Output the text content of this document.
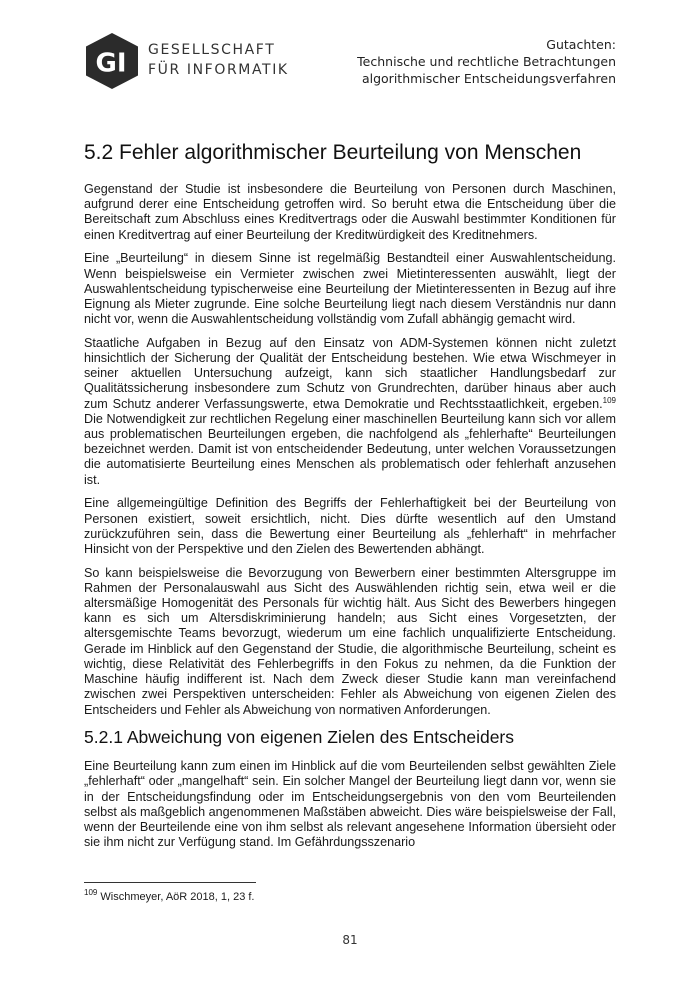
GI GESELLSCHAFT
FÜR INFORMATIK
Gutachten:
Technische und rechtliche Betrachtungen
algorithmischer Entscheidungsverfahren
5.2 Fehler algorithmischer Beurteilung von Menschen

Gegenstand der Studie ist insbesondere die Beurteilung von Personen durch Maschinen, aufgrund derer eine Entscheidung getroffen wird. So beruht etwa die Entscheidung über die Bereitschaft zum Abschluss eines Kreditvertrags oder die Auswahl bestimmter Konditionen für einen Kreditvertrag auf einer Beurteilung der Kreditwürdigkeit des Kreditnehmers.

Eine „Beurteilung“ in diesem Sinne ist regelmäßig Bestandteil einer Auswahlentscheidung. Wenn beispielsweise ein Vermieter zwischen zwei Mietinteressenten auswählt, liegt der Auswahlentscheidung typischerweise eine Beurteilung der Mietinteressenten in Bezug auf ihre Eignung als Mieter zugrunde. Eine solche Beurteilung liegt nach diesem Verständnis nur dann nicht vor, wenn die Auswahlentscheidung vollständig vom Zufall abhängig gemacht wird.

Staatliche Aufgaben in Bezug auf den Einsatz von ADM-Systemen können nicht zuletzt hinsichtlich der Sicherung der Qualität der Entscheidung bestehen. Wie etwa Wischmeyer in seiner aktuellen Untersuchung aufzeigt, kann sich staatlicher Handlungsbedarf zur Qualitätssicherung insbesondere zum Schutz von Grundrechten, darüber hinaus aber auch zum Schutz anderer Verfassungswerte, etwa Demokratie und Rechtsstaatlichkeit, ergeben.$^{109}$ Die Notwendigkeit zur rechtlichen Regelung einer maschinellen Beurteilung kann sich vor allem aus problematischen Beurteilungen ergeben, die nachfolgend als „fehlerhafte“ Beurteilungen bezeichnet werden. Damit ist von entscheidender Bedeutung, unter welchen Voraussetzungen die automatisierte Beurteilung eines Menschen als problematisch oder fehlerhaft anzusehen ist.

Eine allgemeingültige Definition des Begriffs der Fehlerhaftigkeit bei der Beurteilung von Personen existiert, soweit ersichtlich, nicht. Dies dürfte wesentlich auf den Umstand zurückzuführen sein, dass die Bewertung einer Beurteilung als „fehlerhaft“ in mehrfacher Hinsicht von der Perspektive und den Zielen des Bewertenden abhängt.

So kann beispielsweise die Bevorzugung von Bewerbern einer bestimmten Altersgruppe im Rahmen der Personalauswahl aus Sicht des Auswählenden richtig sein, etwa weil er die altersmäßige Homogenität des Personals für wichtig hält. Aus Sicht des Bewerbers hingegen kann es sich um Altersdiskriminierung handeln; aus Sicht eines Vorgesetzten, der altersgemischte Teams bevorzugt, wiederum um eine fachlich unqualifizierte Entscheidung. Gerade im Hinblick auf den Gegenstand der Studie, die algorithmische Beurteilung, scheint es wichtig, diese Relativität des Fehlerbegriffs in den Fokus zu nehmen, da die Funktion der Maschine häufig indifferent ist. Nach dem Zweck dieser Studie kann man vereinfachend zwischen zwei Perspektiven unterscheiden: Fehler als Abweichung von eigenen Zielen des Entscheiders und Fehler als Abweichung von normativen Anforderungen.

5.2.1 Abweichung von eigenen Zielen des Entscheiders

Eine Beurteilung kann zum einen im Hinblick auf die vom Beurteilenden selbst gewählten Ziele „fehlerhaft“ oder „mangelhaft“ sein. Ein solcher Mangel der Beurteilung liegt dann vor, wenn sie in der Entscheidungsfindung oder im Entscheidungsergebnis von den vom Beurteilenden selbst als maßgeblich angenommenen Maßstäben abweicht. Dies wäre beispielsweise der Fall, wenn der Beurteilende eine von ihm selbst als relevant angesehene Information übersieht oder sie ihm nicht zur Verfügung stand. Im Gefährdungsszenario

$^{109}$ Wischmeyer, AöR 2018, 1, 23 f.
81
